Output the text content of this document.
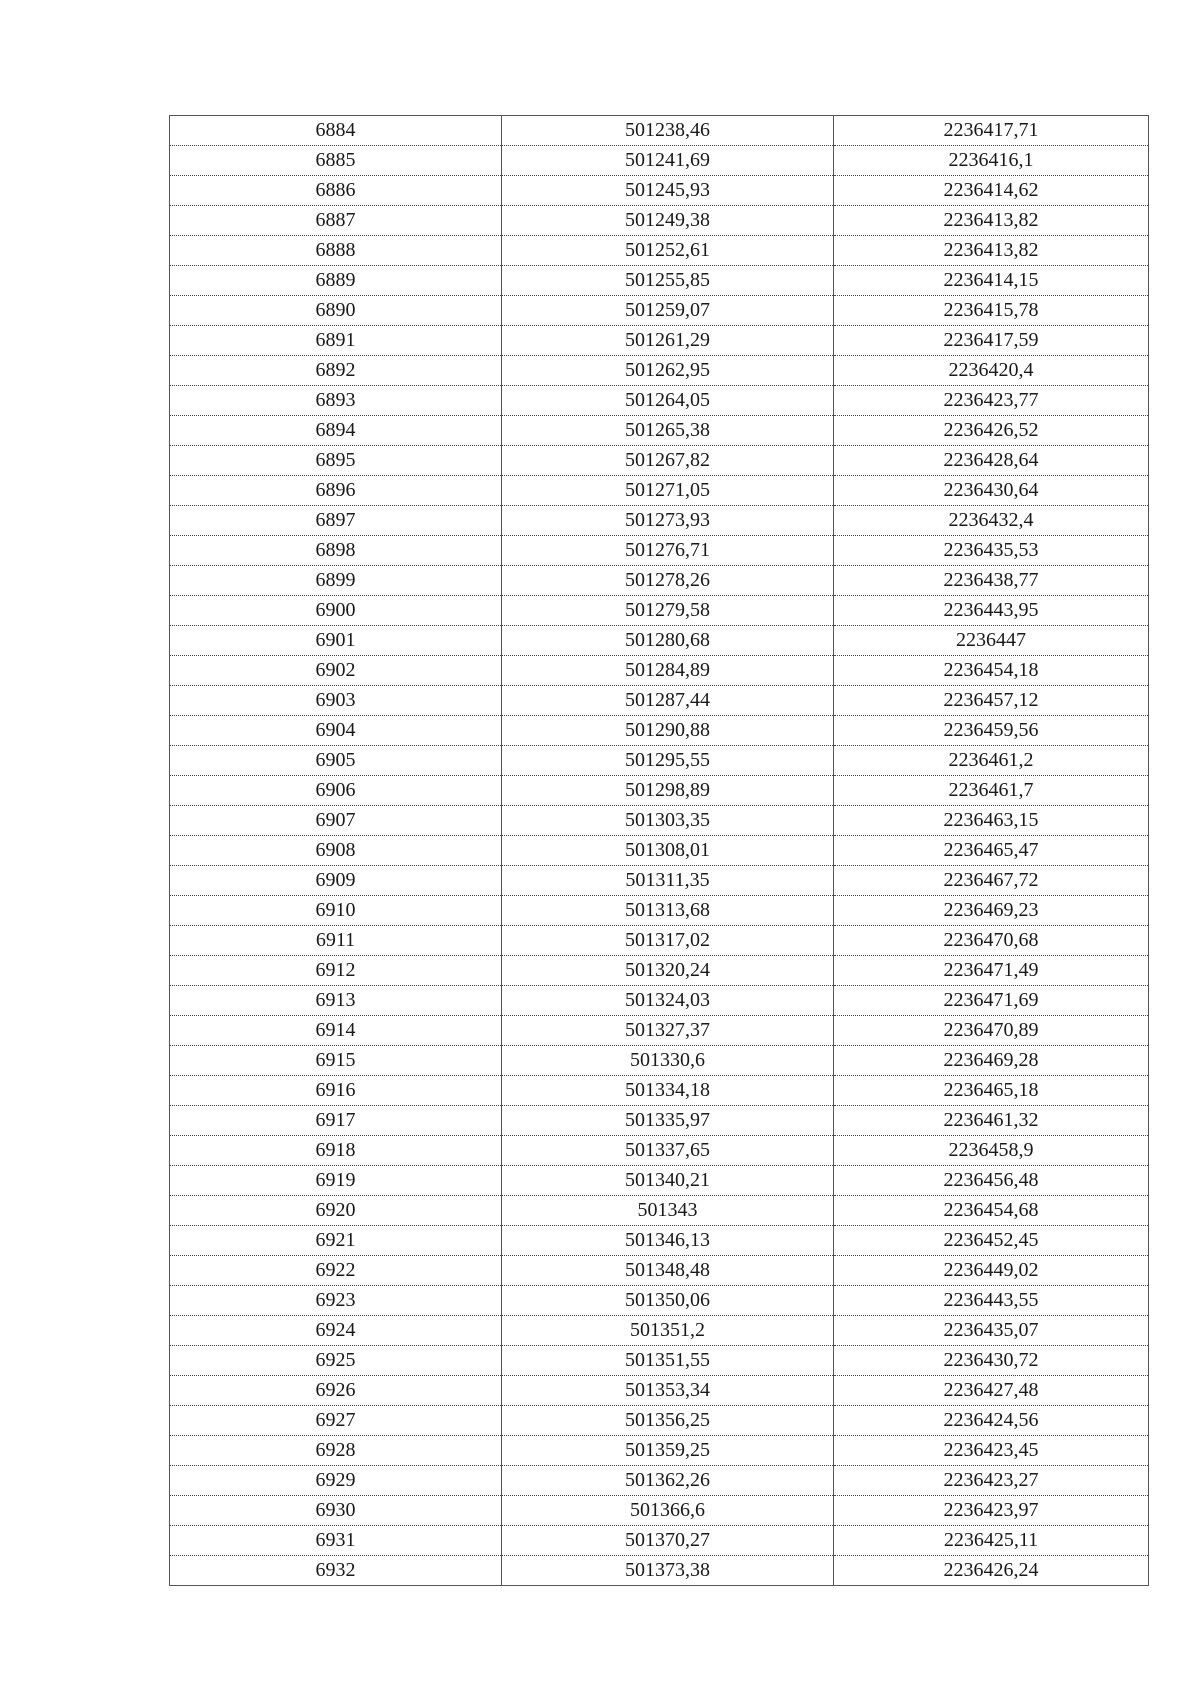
6884	501238,46	2236417,71
6885	501241,69	2236416,1
6886	501245,93	2236414,62
6887	501249,38	2236413,82
6888	501252,61	2236413,82
6889	501255,85	2236414,15
6890	501259,07	2236415,78
6891	501261,29	2236417,59
6892	501262,95	2236420,4
6893	501264,05	2236423,77
6894	501265,38	2236426,52
6895	501267,82	2236428,64
6896	501271,05	2236430,64
6897	501273,93	2236432,4
6898	501276,71	2236435,53
6899	501278,26	2236438,77
6900	501279,58	2236443,95
6901	501280,68	2236447
6902	501284,89	2236454,18
6903	501287,44	2236457,12
6904	501290,88	2236459,56
6905	501295,55	2236461,2
6906	501298,89	2236461,7
6907	501303,35	2236463,15
6908	501308,01	2236465,47
6909	501311,35	2236467,72
6910	501313,68	2236469,23
6911	501317,02	2236470,68
6912	501320,24	2236471,49
6913	501324,03	2236471,69
6914	501327,37	2236470,89
6915	501330,6	2236469,28
6916	501334,18	2236465,18
6917	501335,97	2236461,32
6918	501337,65	2236458,9
6919	501340,21	2236456,48
6920	501343	2236454,68
6921	501346,13	2236452,45
6922	501348,48	2236449,02
6923	501350,06	2236443,55
6924	501351,2	2236435,07
6925	501351,55	2236430,72
6926	501353,34	2236427,48
6927	501356,25	2236424,56
6928	501359,25	2236423,45
6929	501362,26	2236423,27
6930	501366,6	2236423,97
6931	501370,27	2236425,11
6932	501373,38	2236426,24
